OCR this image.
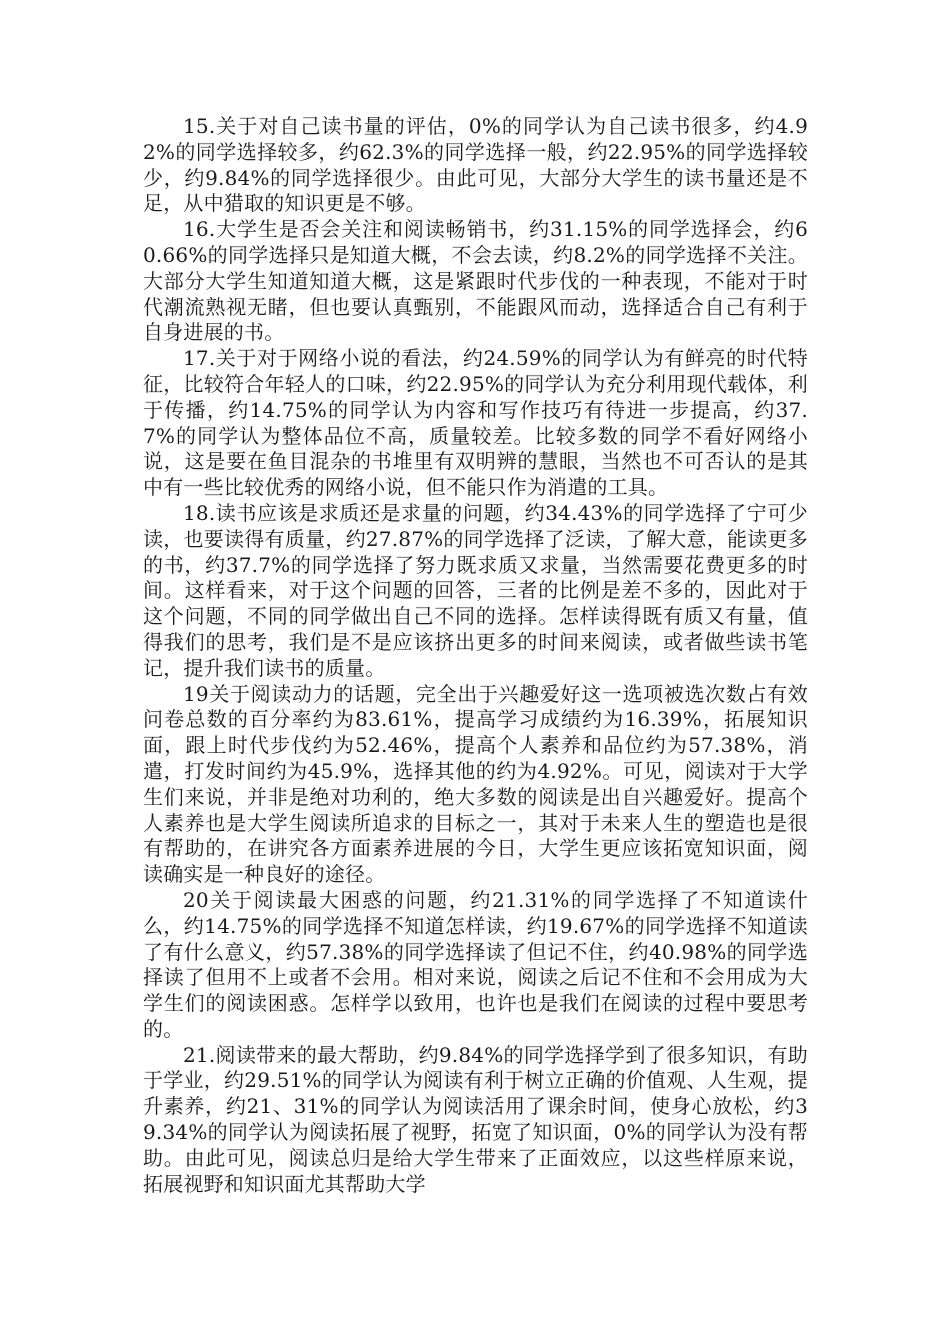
15.关于对自己读书量的评估，0%的同学认为自己读书很多，约4.92%的同学选择较多，约62.3%的同学选择一般，约22.95%的同学选择较少，约9.84%的同学选择很少。由此可见，大部分大学生的读书量还是不足，从中猎取的知识更是不够。

16.大学生是否会关注和阅读畅销书，约31.15%的同学选择会，约60.66%的同学选择只是知道大概，不会去读，约8.2%的同学选择不关注。大部分大学生知道知道大概，这是紧跟时代步伐的一种表现，不能对于时代潮流熟视无睹，但也要认真甄别，不能跟风而动，选择适合自己有利于自身进展的书。

17.关于对于网络小说的看法，约24.59%的同学认为有鲜亮的时代特征，比较符合年轻人的口味，约22.95%的同学认为充分利用现代载体，利于传播，约14.75%的同学认为内容和写作技巧有待进一步提高，约37.7%的同学认为整体品位不高，质量较差。比较多数的同学不看好网络小说，这是要在鱼目混杂的书堆里有双明辨的慧眼，当然也不可否认的是其中有一些比较优秀的网络小说，但不能只作为消遣的工具。

18.读书应该是求质还是求量的问题，约34.43%的同学选择了宁可少读，也要读得有质量，约27.87%的同学选择了泛读，了解大意，能读更多的书，约37.7%的同学选择了努力既求质又求量，当然需要花费更多的时间。这样看来，对于这个问题的回答，三者的比例是差不多的，因此对于这个问题，不同的同学做出自己不同的选择。怎样读得既有质又有量，值得我们的思考，我们是不是应该挤出更多的时间来阅读，或者做些读书笔记，提升我们读书的质量。

19关于阅读动力的话题，完全出于兴趣爱好这一选项被选次数占有效问卷总数的百分率约为83.61%，提高学习成绩约为16.39%，拓展知识面，跟上时代步伐约为52.46%，提高个人素养和品位约为57.38%，消遣，打发时间约为45.9%，选择其他的约为4.92%。可见，阅读对于大学生们来说，并非是绝对功利的，绝大多数的阅读是出自兴趣爱好。提高个人素养也是大学生阅读所追求的目标之一，其对于未来人生的塑造也是很有帮助的，在讲究各方面素养进展的今日，大学生更应该拓宽知识面，阅读确实是一种良好的途径。

20关于阅读最大困惑的问题，约21.31%的同学选择了不知道读什么，约14.75%的同学选择不知道怎样读，约19.67%的同学选择不知道读了有什么意义，约57.38%的同学选择读了但记不住，约40.98%的同学选择读了但用不上或者不会用。相对来说，阅读之后记不住和不会用成为大学生们的阅读困惑。怎样学以致用，也许也是我们在阅读的过程中要思考的。

21.阅读带来的最大帮助，约9.84%的同学选择学到了很多知识，有助于学业，约29.51%的同学认为阅读有利于树立正确的价值观、人生观，提升素养，约21、31%的同学认为阅读活用了课余时间，使身心放松，约39.34%的同学认为阅读拓展了视野，拓宽了知识面，0%的同学认为没有帮助。由此可见，阅读总归是给大学生带来了正面效应，以这些样原来说，拓展视野和知识面尤其帮助大学
